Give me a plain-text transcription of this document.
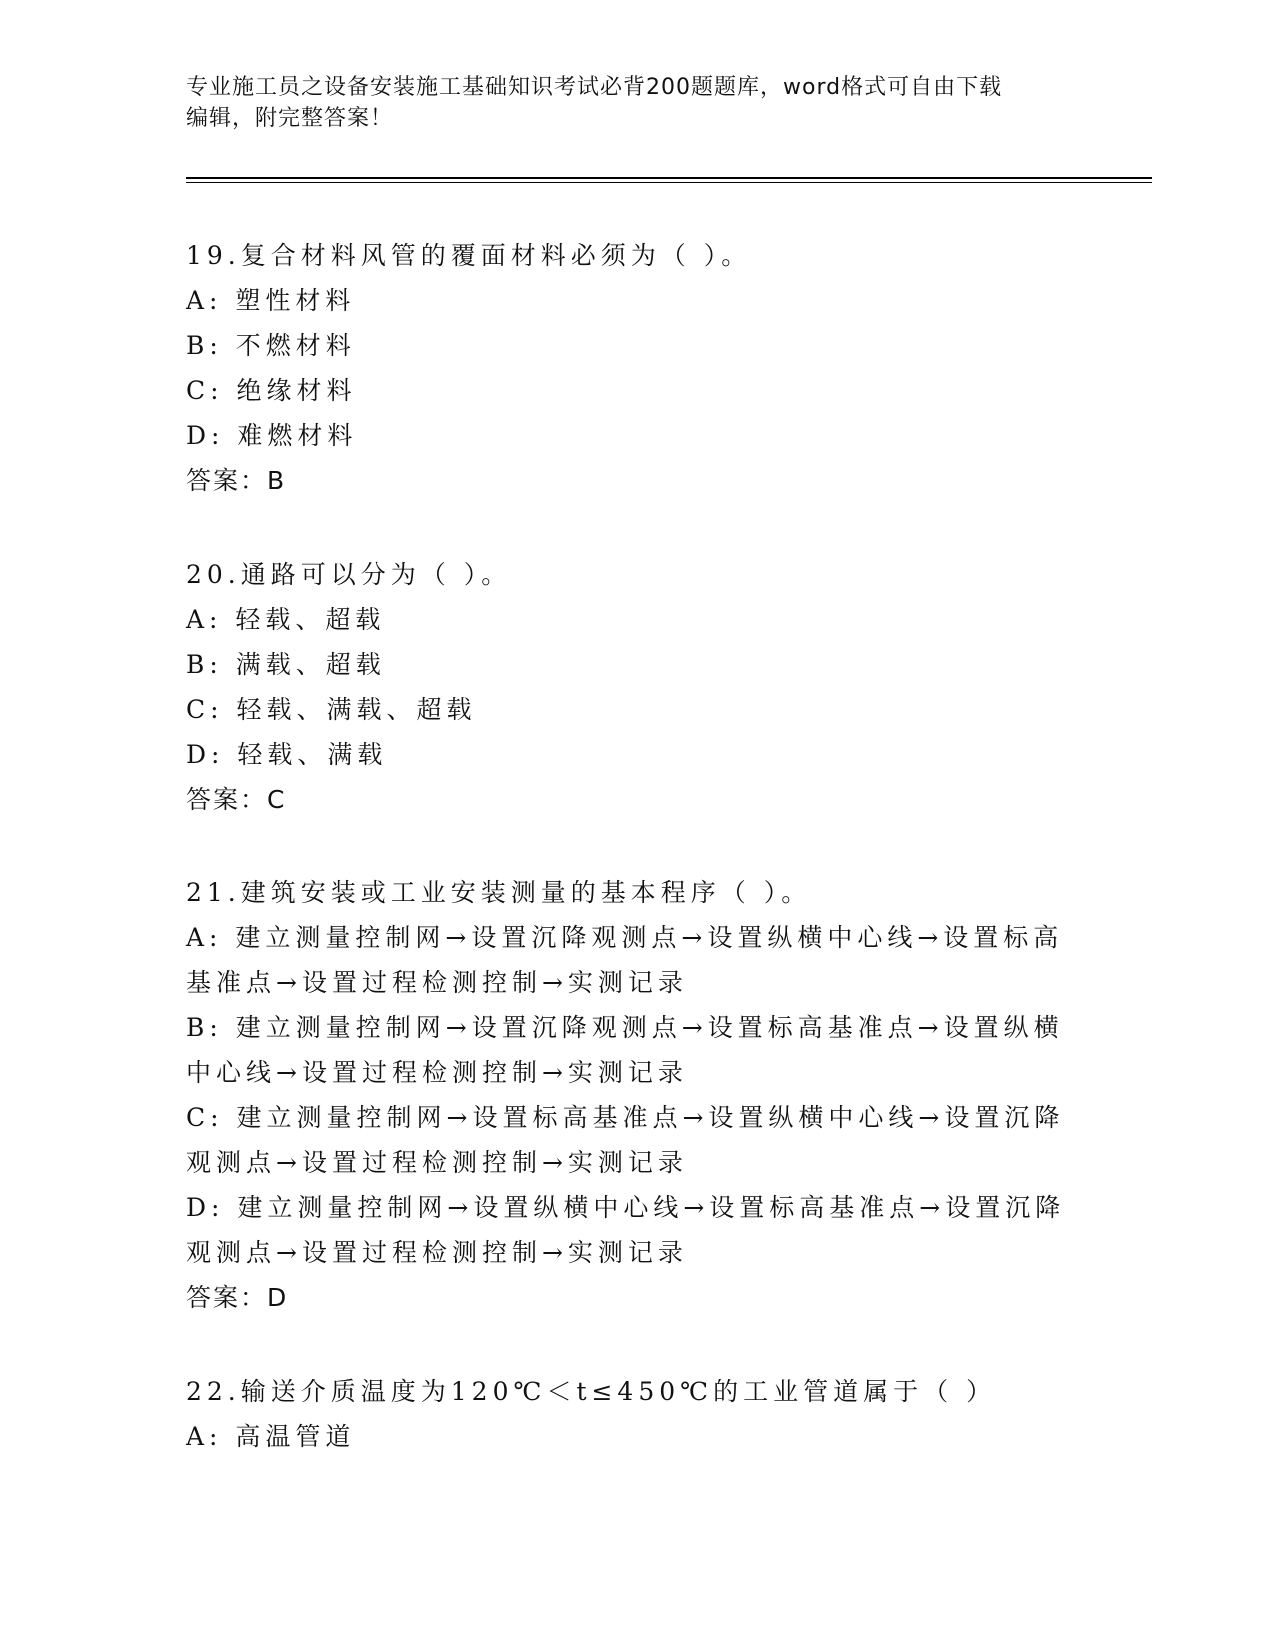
专业施工员之设备安装施工基础知识考试必背200题题库，word格式可自由下载
编辑，附完整答案！
19.复合材料风管的覆面材料必须为（ ）。
A: 塑性材料
B: 不燃材料
C: 绝缘材料
D: 难燃材料
答案：B
20.通路可以分为（ ）。
A: 轻载、超载
B: 满载、超载
C: 轻载、满载、超载
D: 轻载、满载
答案：C
21.建筑安装或工业安装测量的基本程序（ ）。
A: 建立测量控制网→设置沉降观测点→设置纵横中心线→设置标高基准点→设置过程检测控制→实测记录
B: 建立测量控制网→设置沉降观测点→设置标高基准点→设置纵横中心线→设置过程检测控制→实测记录
C: 建立测量控制网→设置标高基准点→设置纵横中心线→设置沉降观测点→设置过程检测控制→实测记录
D: 建立测量控制网→设置纵横中心线→设置标高基准点→设置沉降观测点→设置过程检测控制→实测记录
答案：D
22.输送介质温度为120℃＜t≤450℃的工业管道属于（ ）
A: 高温管道
